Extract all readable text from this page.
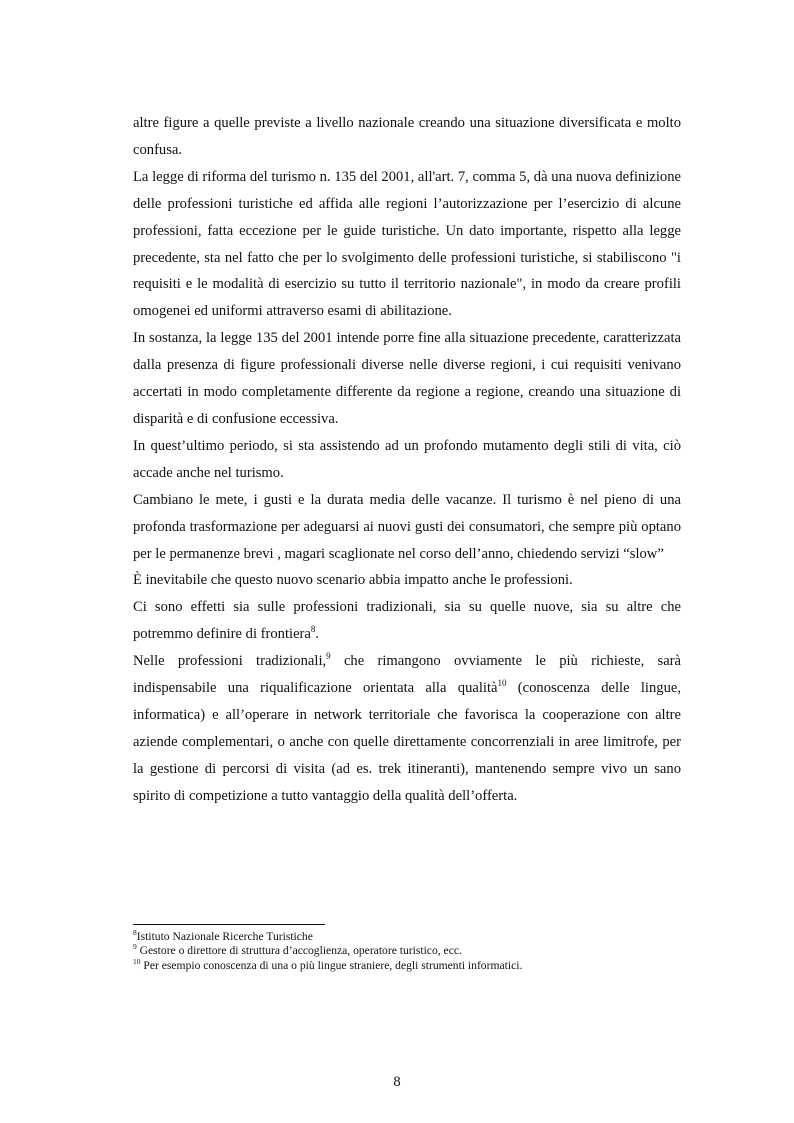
altre figure a quelle previste a livello nazionale creando una situazione diversificata e molto confusa.

La legge di riforma del turismo n. 135 del 2001, all'art. 7, comma 5, dà una nuova definizione delle professioni turistiche ed affida alle regioni l’autorizzazione per l’esercizio di alcune professioni, fatta eccezione per le guide turistiche. Un dato importante, rispetto alla legge precedente, sta nel fatto che per lo svolgimento delle professioni turistiche, si stabiliscono "i requisiti e le modalità di esercizio su tutto il territorio nazionale", in modo da creare profili omogenei ed uniformi attraverso esami di abilitazione.

In sostanza, la legge 135 del 2001 intende porre fine alla situazione precedente, caratterizzata dalla presenza di figure professionali diverse nelle diverse regioni, i cui requisiti venivano accertati in modo completamente differente da regione a regione, creando una situazione di disparità e di confusione eccessiva.

In quest’ultimo periodo, si sta assistendo ad un profondo mutamento degli stili di vita, ciò accade anche nel turismo.

Cambiano le mete, i gusti e la durata media delle vacanze. Il turismo è nel pieno di una profonda trasformazione per adeguarsi ai nuovi gusti dei consumatori, che sempre più optano per le permanenze brevi , magari scaglionate nel corso dell’anno, chiedendo servizi “slow”

È inevitabile che questo nuovo scenario abbia impatto anche le professioni.

Ci sono effetti sia sulle professioni tradizionali, sia su quelle nuove, sia su altre che potremmo definire di frontiera$^8$.

Nelle professioni tradizionali,$^9$ che rimangono ovviamente le più richieste, sarà indispensabile una riqualificazione orientata alla qualità$^{10}$ (conoscenza delle lingue, informatica) e all’operare in network territoriale che favorisca la cooperazione con altre aziende complementari, o anche con quelle direttamente concorrenziali in aree limitrofe, per la gestione di percorsi di visita (ad es. trek itineranti), mantenendo sempre vivo un sano spirito di competizione a tutto vantaggio della qualità dell’offerta.

$^8$Istituto Nazionale Ricerche Turistiche

$^9$ Gestore o direttore di struttura d’accoglienza, operatore turistico, ecc.

$^{10}$ Per esempio conoscenza di una o più lingue straniere, degli strumenti informatici.

8
